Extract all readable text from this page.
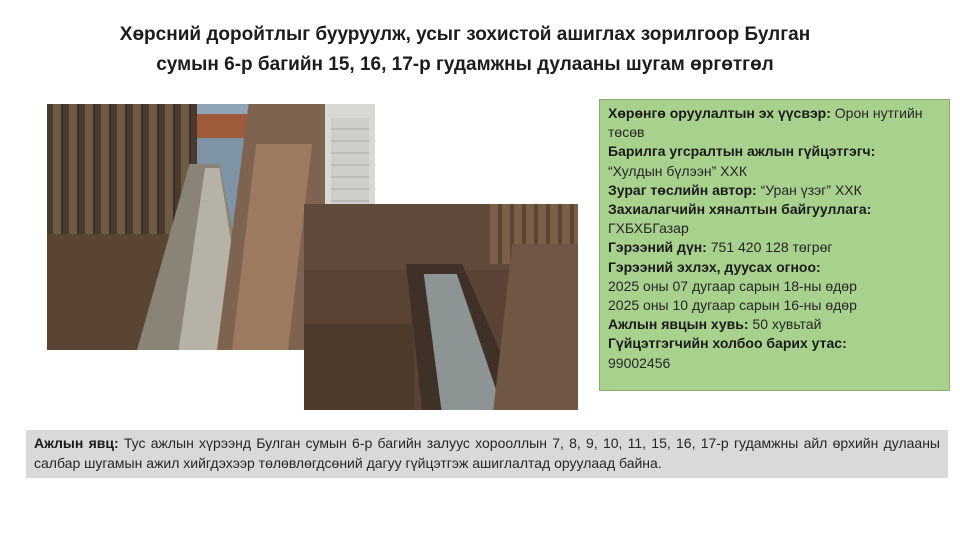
Хөрсний доройтлыг бууруулж, усыг зохистой ашиглах зорилгоор Булган
сумын 6-р багийн 15, 16, 17-р гудамжны дулааны шугам өргөтгөл
Хөрөнгө оруулалтын эх үүсвэр: Орон нутгийн төсөв
Барилга угсралтын ажлын гүйцэтгэгч:
“Хулдын бүлээн” ХХК
Зураг төслийн автор: “Уран үзэг” ХХК
Захиалагчийн хяналтын байгууллага:
ГХБХБГазар
Гэрээний дүн: 751 420 128 төгрөг
Гэрээний эхлэх, дуусах огноо:
2025 оны 07 дугаар сарын 18-ны өдөр
2025 оны 10 дугаар сарын 16-ны өдөр
Ажлын явцын хувь: 50 хувьтай
Гүйцэтгэгчийн холбоо барих утас:
99002456
Ажлын явц: Тус ажлын хүрээнд Булган сумын 6-р багийн залуус хорооллын 7, 8, 9, 10, 11, 15, 16, 17-р гудамжны айл өрхийн дулааны салбар шугамын ажил хийгдэхээр төлөвлөгдсөний дагуу гүйцэтгэж ашиглалтад оруулаад байна.
